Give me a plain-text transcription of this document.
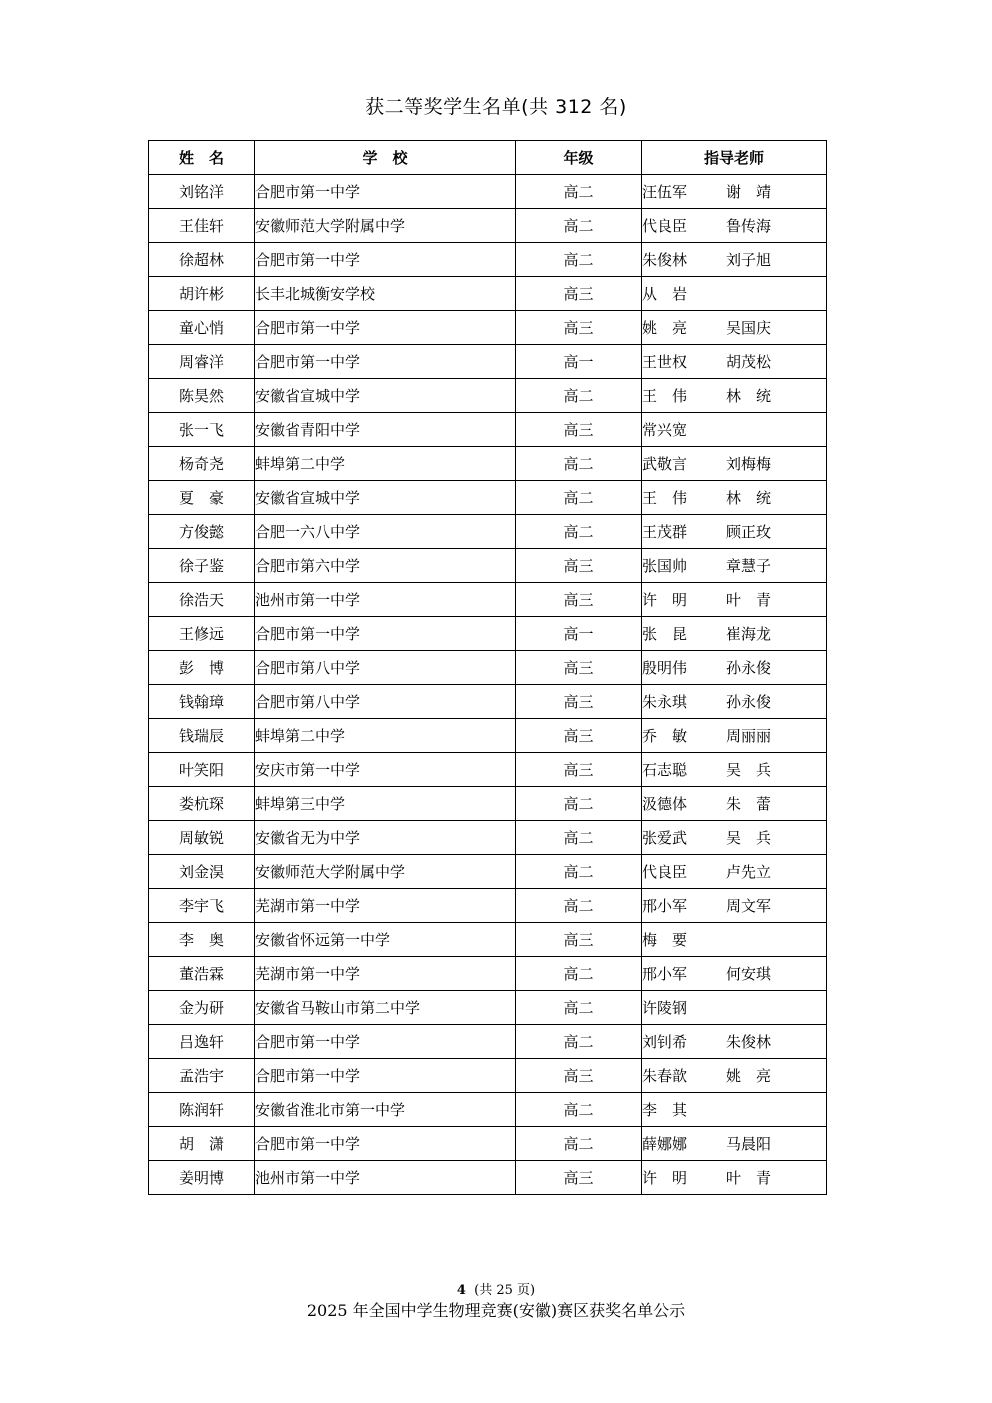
获二等奖学生名单(共 312 名)
姓　名	学　校	年级	指导老师
刘铭洋	合肥市第一中学	高二	汪伍军 谢　靖
王佳轩	安徽师范大学附属中学	高二	代良臣 鲁传海
徐超林	合肥市第一中学	高二	朱俊林 刘子旭
胡许彬	长丰北城衡安学校	高三	从　岩
童心悄	合肥市第一中学	高三	姚　亮 吴国庆
周睿洋	合肥市第一中学	高一	王世权 胡茂松
陈昊然	安徽省宣城中学	高二	王　伟 林　统
张一飞	安徽省青阳中学	高三	常兴宽
杨奇尧	蚌埠第二中学	高二	武敬言 刘梅梅
夏　豪	安徽省宣城中学	高二	王　伟 林　统
方俊懿	合肥一六八中学	高二	王茂群 顾正玫
徐子鉴	合肥市第六中学	高三	张国帅 章慧子
徐浩天	池州市第一中学	高三	许　明 叶　青
王修远	合肥市第一中学	高一	张　昆 崔海龙
彭　博	合肥市第八中学	高三	殷明伟 孙永俊
钱翰璋	合肥市第八中学	高三	朱永琪 孙永俊
钱瑞辰	蚌埠第二中学	高三	乔　敏 周丽丽
叶笑阳	安庆市第一中学	高三	石志聪 吴　兵
娄杭琛	蚌埠第三中学	高二	汲德体 朱　蕾
周敏锐	安徽省无为中学	高二	张爱武 吴　兵
刘金淏	安徽师范大学附属中学	高二	代良臣 卢先立
李宇飞	芜湖市第一中学	高二	邢小军 周文军
李　奥	安徽省怀远第一中学	高三	梅　要
董浩霖	芜湖市第一中学	高二	邢小军 何安琪
金为研	安徽省马鞍山市第二中学	高二	许陵钢
吕逸轩	合肥市第一中学	高二	刘钊希 朱俊林
孟浩宇	合肥市第一中学	高三	朱春歆 姚　亮
陈润轩	安徽省淮北市第一中学	高二	李　其
胡　潇	合肥市第一中学	高二	薛娜娜 马晨阳
姜明博	池州市第一中学	高三	许　明 叶　青
4 (共 25 页)
2025 年全国中学生物理竞赛(安徽)赛区获奖名单公示
